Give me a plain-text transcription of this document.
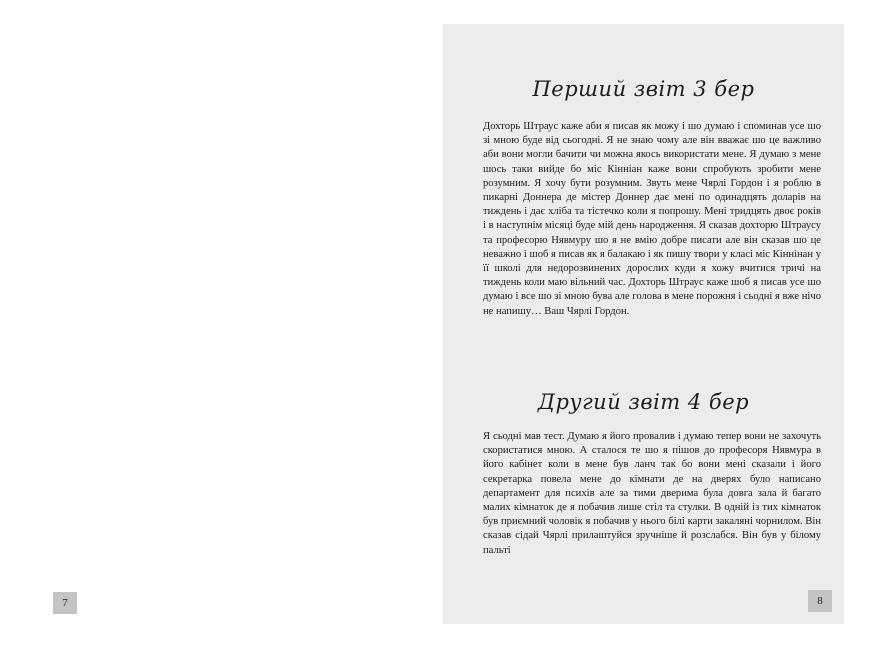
7
Перший звіт 3 бер

Дохторь Штраус каже аби я писав як можу і шо думаю і споминав усе шо зі мною буде від сьогодні. Я не знаю чому але він вважає шо це важливо аби вони могли бачити чи можна якось використати мене. Я думаю з мене шось таки вийде бо міс Кінніан каже вони спробують зробити мене розумним. Я хочу бути розумним. Звуть мене Чярлі Гордон і я роблю в пикарні Доннера де містер Доннер дає мені по одинадцять доларів на тиждень і дає хліба та тістечко коли я попрошу. Мені тридцять двоє років і в наступнім місяці буде мій день народження. Я сказав дохторю Штраусу та професорю Нявмуру шо я не вмію добре писати але він сказав шо це неважно і шоб я писав як я балакаю і як пишу твори у класі міс Кіннінан у її школі для недорозвинених дорослих куди я хожу вчитися тричі на тиждень коли маю вільний час. Дохторь Штраус каже шоб я писав усе шо думаю і все шо зі мною бува але голова в мене порожня і сьодні я вже нічо не напишу… Ваш Чярлі Гордон.

Другий звіт 4 бер

Я сьодні мав тест. Думаю я його провалив і думаю тепер вони не захочуть скористатися мною. А сталося те шо я пішов до професоря Нявмура в його кабінет коли в мене був ланч так бо вони мені сказали і його секретарка повела мене до кімнати де на дверях було написано департамент для психів але за тими дверима була довга зала й багато малих кімнаток де я побачив лише стіл та стулки. В одній із тих кімнаток був приємний чоловік я побачив у нього білі карти закаляні чорнилом. Він сказав сідай Чярлі прилаштуйся зручніше й розслабся. Він був у білому пальті

8
